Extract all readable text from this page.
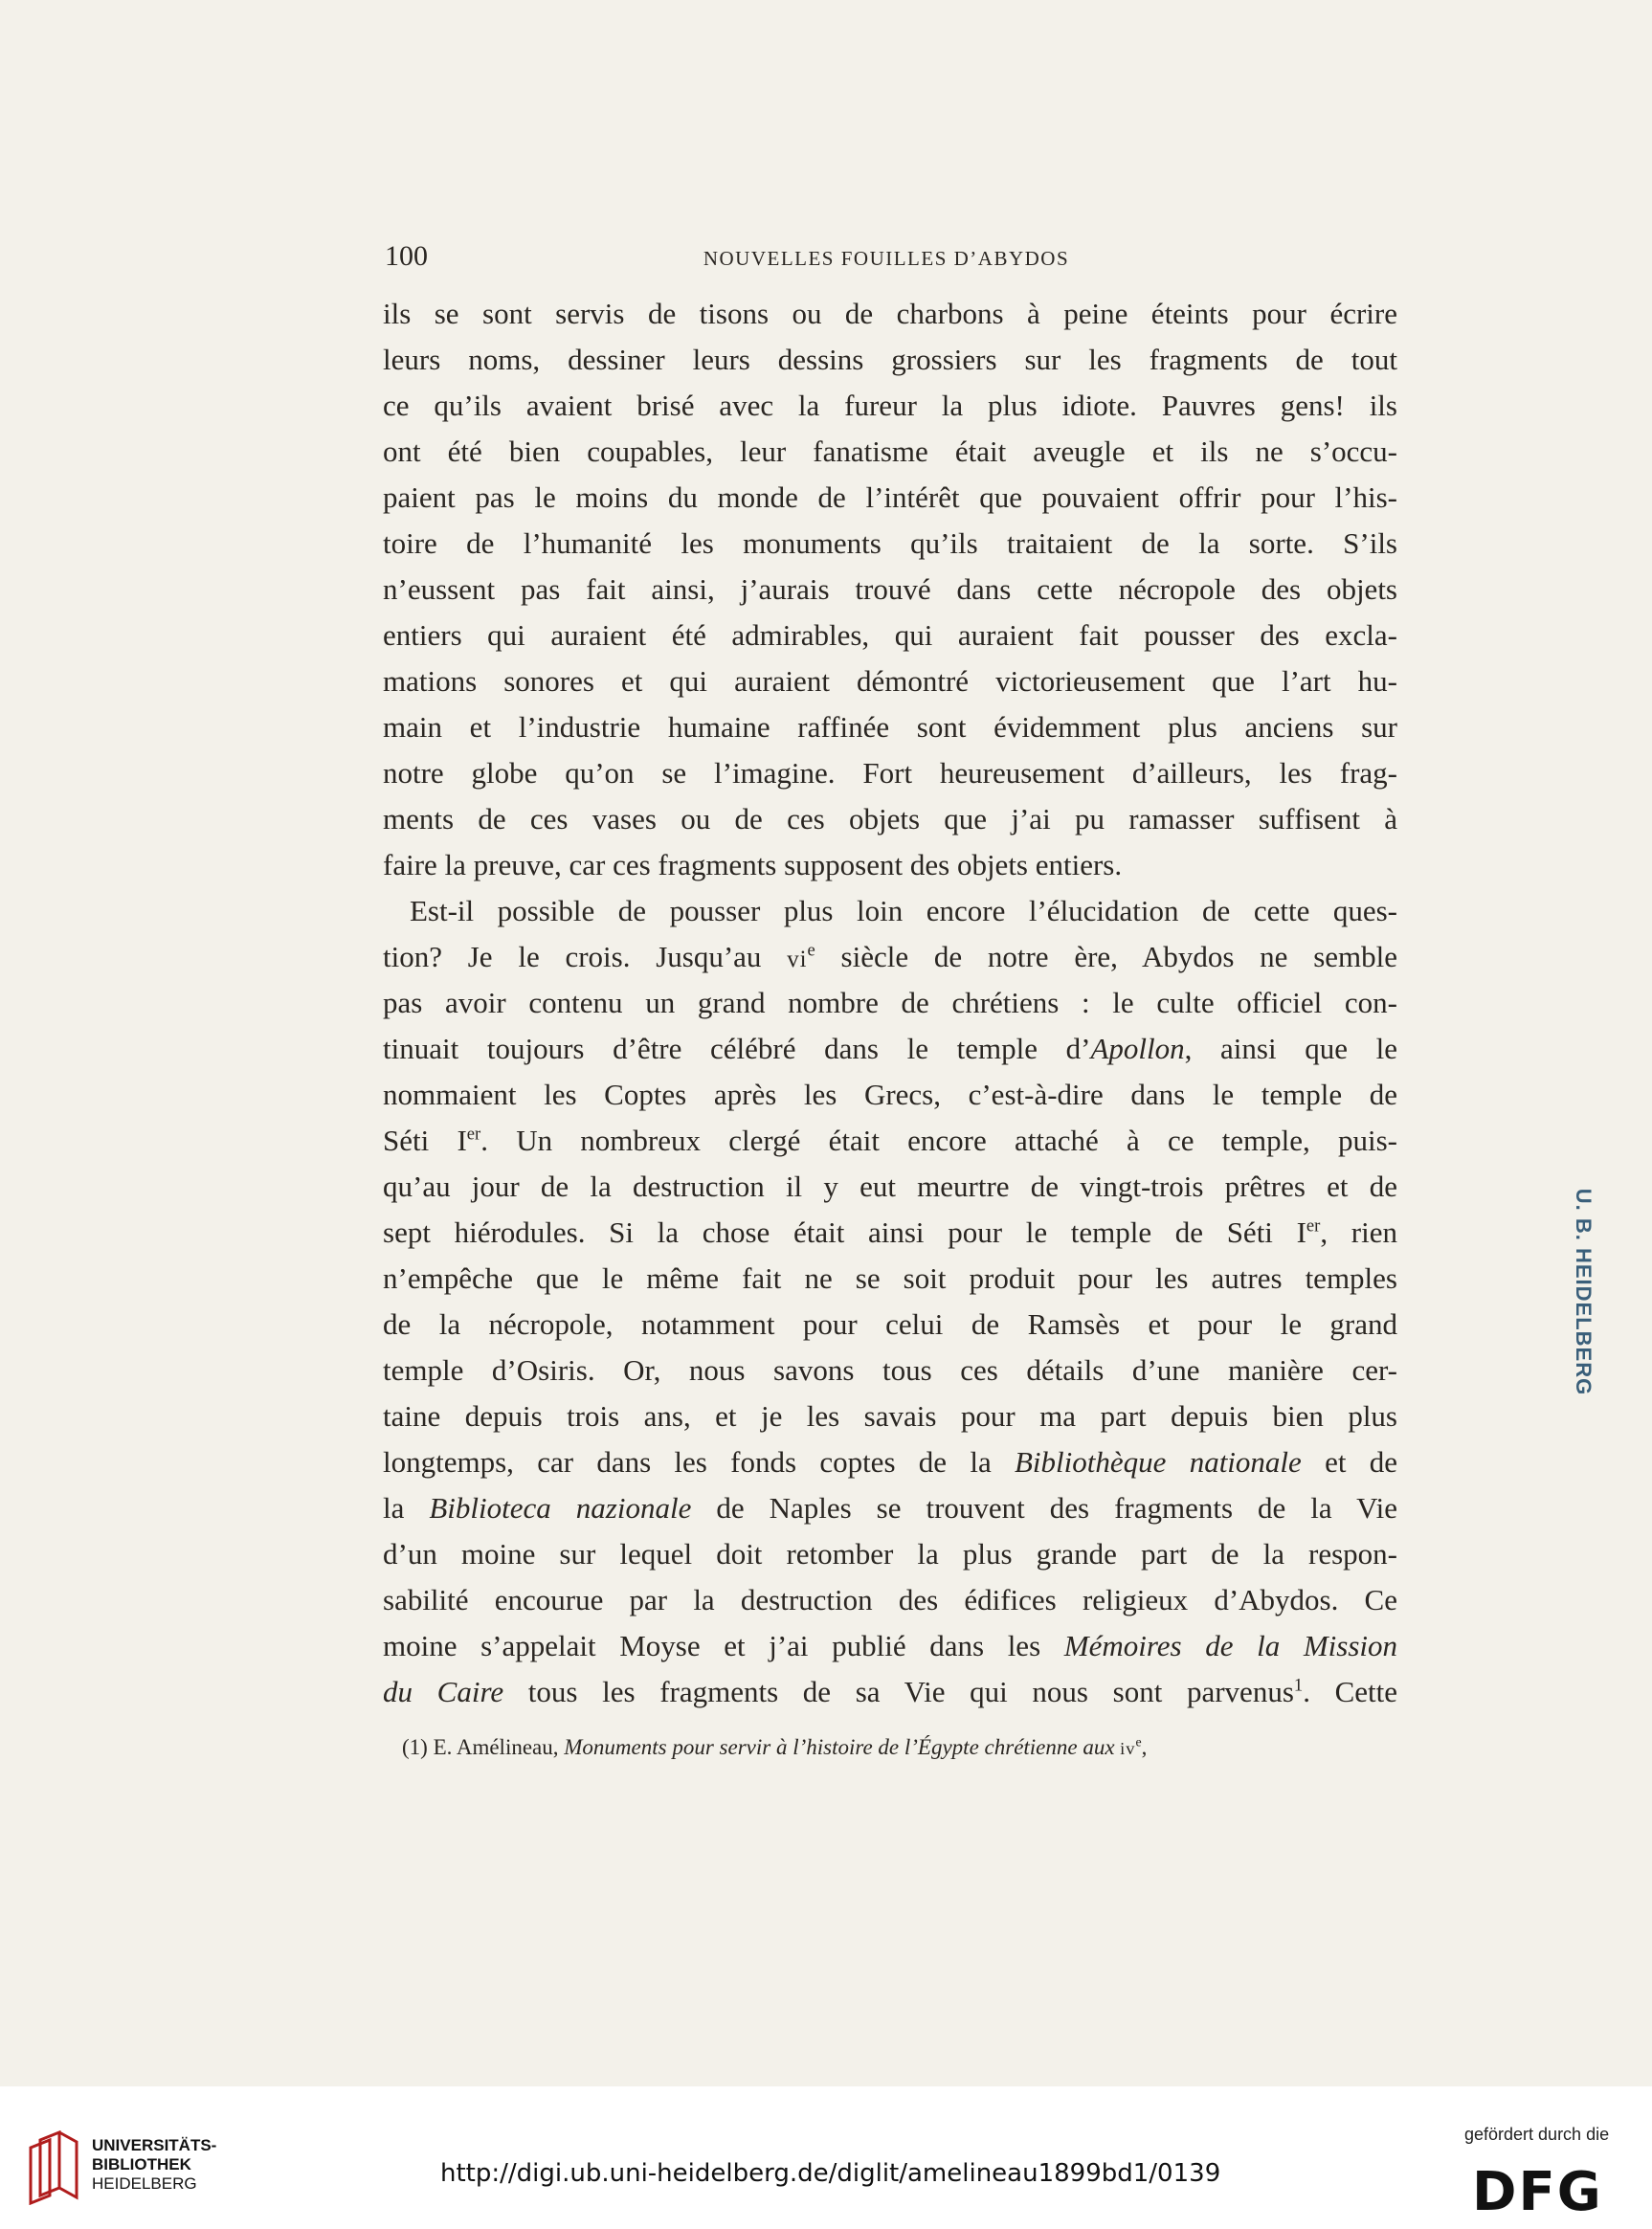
100	NOUVELLES FOUILLES D’ABYDOS
ils se sont servis de tisons ou de charbons à peine éteints pour écrire
leurs noms, dessiner leurs dessins grossiers sur les fragments de tout
ce qu’ils avaient brisé avec la fureur la plus idiote. Pauvres gens! ils
ont été bien coupables, leur fanatisme était aveugle et ils ne s’occu-
paient pas le moins du monde de l’intérêt que pouvaient offrir pour l’his-
toire de l’humanité les monuments qu’ils traitaient de la sorte. S’ils
n’eussent pas fait ainsi, j’aurais trouvé dans cette nécropole des objets
entiers qui auraient été admirables, qui auraient fait pousser des excla-
mations sonores et qui auraient démontré victorieusement que l’art hu-
main et l’industrie humaine raffinée sont évidemment plus anciens sur
notre globe qu’on se l’imagine. Fort heureusement d’ailleurs, les frag-
ments de ces vases ou de ces objets que j’ai pu ramasser suffisent à
faire la preuve, car ces fragments supposent des objets entiers.
Est-il possible de pousser plus loin encore l’élucidation de cette ques-
tion? Je le crois. Jusqu’au $vi^e$ siècle de notre ère, Abydos ne semble
pas avoir contenu un grand nombre de chrétiens : le culte officiel con-
tinuait toujours d’être célébré dans le temple d’Apollon, ainsi que le
nommaient les Coptes après les Grecs, c’est-à-dire dans le temple de
Séti Ier. Un nombreux clergé était encore attaché à ce temple, puis-
qu’au jour de la destruction il y eut meurtre de vingt-trois prêtres et de
sept hiérodules. Si la chose était ainsi pour le temple de Séti Ier, rien
n’empêche que le même fait ne se soit produit pour les autres temples
de la nécropole, notamment pour celui de Ramsès et pour le grand
temple d’Osiris. Or, nous savons tous ces détails d’une manière cer-
taine depuis trois ans, et je les savais pour ma part depuis bien plus
longtemps, car dans les fonds coptes de la Bibliothèque nationale et de
la Biblioteca nazionale de Naples se trouvent des fragments de la Vie
d’un moine sur lequel doit retomber la plus grande part de la respon-
sabilité encourue par la destruction des édifices religieux d’Abydos. Ce
moine s’appelait Moyse et j’ai publié dans les Mémoires de la Mission
du Caire tous les fragments de sa Vie qui nous sont parvenus$^1$. Cette
(1) E. Amélineau, Monuments pour servir à l’histoire de l’Égypte chrétienne aux $iv^e$,
U. B. HEIDELBERG
UNIVERSITÄTS-
BIBLIOTHEK
HEIDELBERG	http://digi.ub.uni-heidelberg.de/diglit/amelineau1899bd1/0139
gefördert durch die
DFG
